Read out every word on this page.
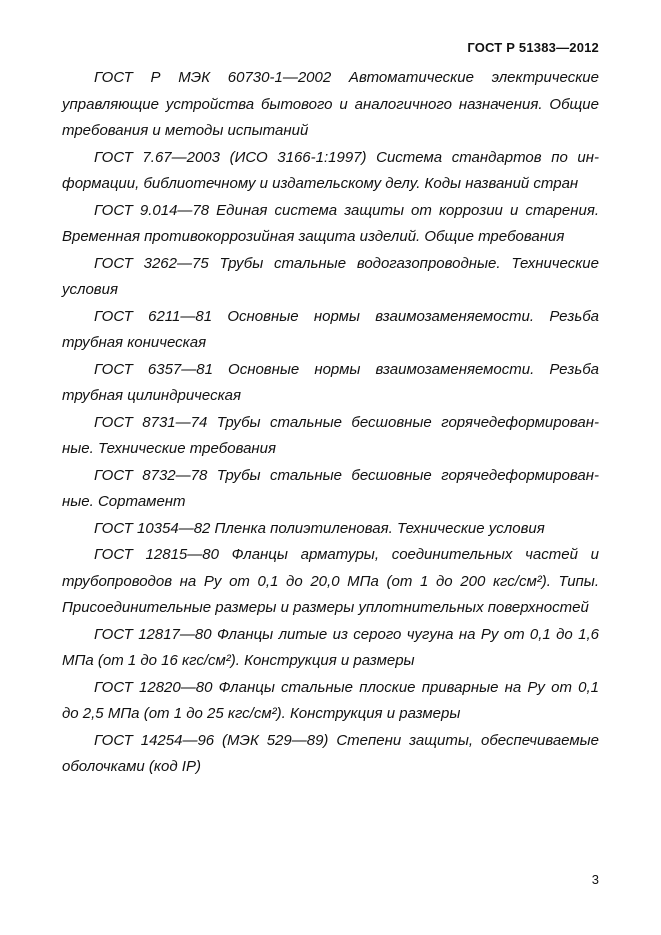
ГОСТ Р 51383—2012

ГОСТ Р МЭК 60730-1—2002 Автоматические электрические управляющие устройства бытового и аналогичного назначения. Общие требования и методы испытаний

ГОСТ 7.67—2003 (ИСО 3166-1:1997) Система стандартов по информации, библиотечному и издательскому делу. Коды названий стран

ГОСТ 9.014—78 Единая система защиты от коррозии и старения. Временная противокоррозийная защита изделий. Общие требования

ГОСТ 3262—75 Трубы стальные водогазопроводные. Технические условия

ГОСТ 6211—81 Основные нормы взаимозаменяемости. Резьба трубная коническая

ГОСТ 6357—81 Основные нормы взаимозаменяемости. Резьба трубная цилиндрическая

ГОСТ 8731—74 Трубы стальные бесшовные горячедеформированные. Технические требования

ГОСТ 8732—78 Трубы стальные бесшовные горячедеформированные. Сортамент

ГОСТ 10354—82 Пленка полиэтиленовая. Технические условия

ГОСТ 12815—80 Фланцы арматуры, соединительных частей и трубопроводов на Ру от 0,1 до 20,0 МПа (от 1 до 200 кгс/см²). Типы. Присоединительные размеры и размеры уплотнительных поверхностей

ГОСТ 12817—80 Фланцы литые из серого чугуна на Ру от 0,1 до 1,6 МПа (от 1 до 16 кгс/см²). Конструкция и размеры

ГОСТ 12820—80 Фланцы стальные плоские приварные на Ру от 0,1 до 2,5 МПа (от 1 до 25 кгс/см²). Конструкция и размеры

ГОСТ 14254—96 (МЭК 529—89) Степени защиты, обеспечиваемые оболочками (код IP)

3
